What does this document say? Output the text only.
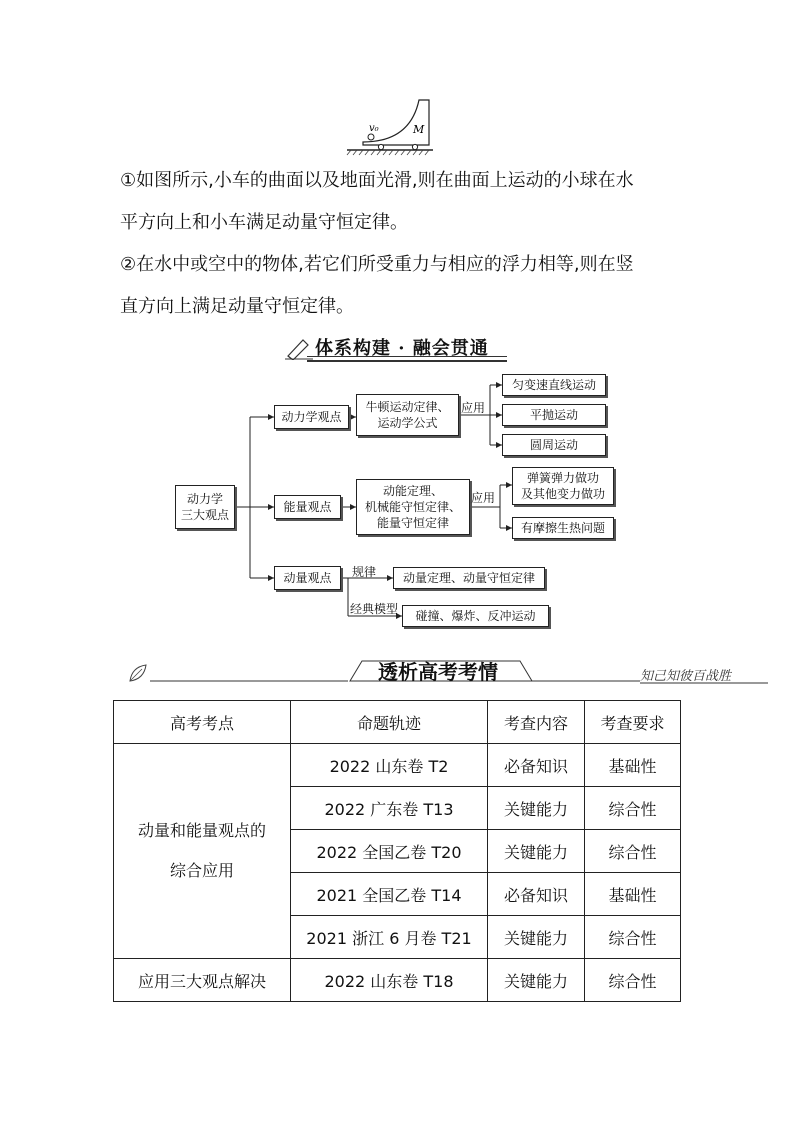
v₀	M
①如图所示,小车的曲面以及地面光滑,则在曲面上运动的小球在水
平方向上和小车满足动量守恒定律。
②在水中或空中的物体,若它们所受重力与相应的浮力相等,则在竖
直方向上满足动量守恒定律。
体系构建 · 融会贯通
动力学
三大观点
动力学观点
牛顿运动定律、
运动学公式
应用
匀变速直线运动
平抛运动
圆周运动
能量观点
动能定理、
机械能守恒定律、
能量守恒定律
应用
弹簧弹力做功
及其他变力做功
有摩擦生热问题
动量观点 规律 动量定理、动量守恒定律
经典模型 碰撞、爆炸、反冲运动
透析高考考情	知己知彼百战胜
高考考点	命题轨迹	考查内容	考查要求

动量和能量观点的
综合应用	2022 山东卷 T2	必备知识	基础性
	2022 广东卷 T13	关键能力	综合性
	2022 全国乙卷 T20	关键能力	综合性
	2021 全国乙卷 T14	必备知识	基础性
	2021 浙江 6 月卷 T21	关键能力	综合性
应用三大观点解决	2022 山东卷 T18	关键能力	综合性
